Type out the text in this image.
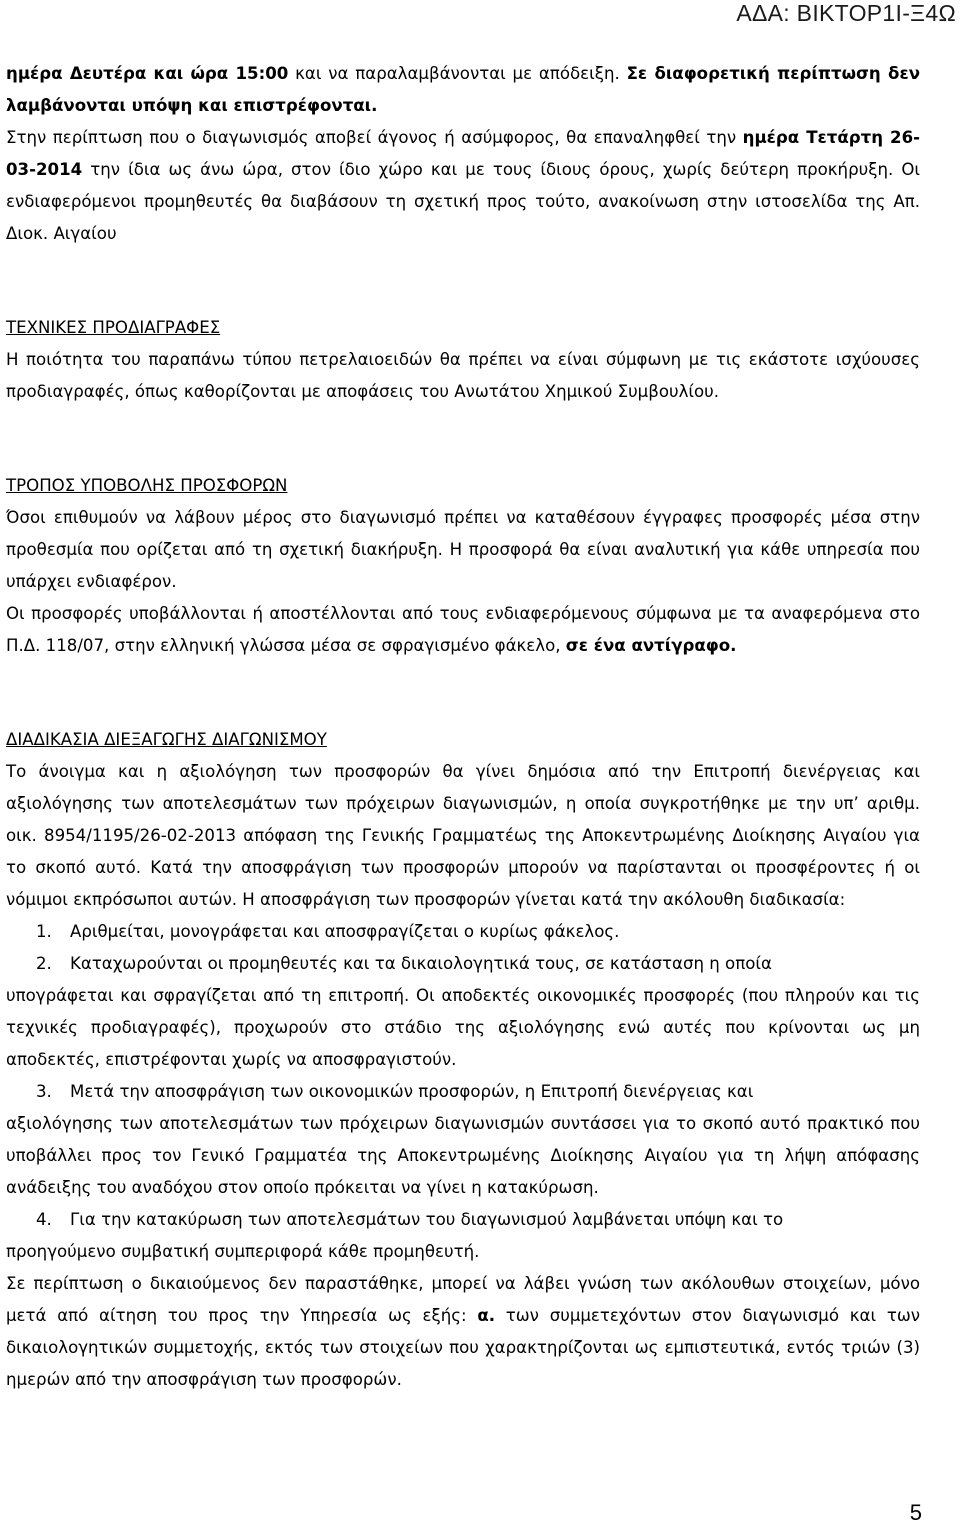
ΑΔΑ: ΒΙΚΤΟΡ1Ι-Ξ4Ω

ημέρα Δευτέρα και ώρα 15:00 και να παραλαμβάνονται με απόδειξη. Σε διαφορετική περίπτωση δεν λαμβάνονται υπόψη και επιστρέφονται.

Στην περίπτωση που ο διαγωνισμός αποβεί άγονος ή ασύμφορος, θα επαναληφθεί την ημέρα Τετάρτη 26-03-2014 την ίδια ως άνω ώρα, στον ίδιο χώρο και με τους ίδιους όρους, χωρίς δεύτερη προκήρυξη. Οι ενδιαφερόμενοι προμηθευτές θα διαβάσουν τη σχετική προς τούτο, ανακοίνωση στην ιστοσελίδα της Απ. Διοκ. Αιγαίου

ΤΕΧΝΙΚΕΣ ΠΡΟΔΙΑΓΡΑΦΕΣ

Η ποιότητα του παραπάνω τύπου πετρελαιοειδών θα πρέπει να είναι σύμφωνη με τις εκάστοτε ισχύουσες προδιαγραφές, όπως καθορίζονται με αποφάσεις του Ανωτάτου Χημικού Συμβουλίου.

ΤΡΟΠΟΣ ΥΠΟΒΟΛΗΣ ΠΡΟΣΦΟΡΩΝ

Όσοι επιθυμούν να λάβουν μέρος στο διαγωνισμό πρέπει να καταθέσουν έγγραφες προσφορές μέσα στην προθεσμία που ορίζεται από τη σχετική διακήρυξη. Η προσφορά θα είναι αναλυτική για κάθε υπηρεσία που υπάρχει ενδιαφέρον.

Οι προσφορές υποβάλλονται ή αποστέλλονται από τους ενδιαφερόμενους σύμφωνα με τα αναφερόμενα στο Π.Δ. 118/07, στην ελληνική γλώσσα μέσα σε σφραγισμένο φάκελο, σε ένα αντίγραφο.

ΔΙΑΔΙΚΑΣΙΑ ΔΙΕΞΑΓΩΓΗΣ ΔΙΑΓΩΝΙΣΜΟΥ

Το άνοιγμα και η αξιολόγηση των προσφορών θα γίνει δημόσια από την Επιτροπή διενέργειας και αξιολόγησης των αποτελεσμάτων των πρόχειρων διαγωνισμών, η οποία συγκροτήθηκε με την υπ’ αριθμ. οικ. 8954/1195/26-02-2013 απόφαση της Γενικής Γραμματέως της Αποκεντρωμένης Διοίκησης Αιγαίου για το σκοπό αυτό. Κατά την αποσφράγιση των προσφορών μπορούν να παρίστανται οι προσφέροντες ή οι νόμιμοι εκπρόσωποι αυτών. Η αποσφράγιση των προσφορών γίνεται κατά την ακόλουθη διαδικασία:

1.	Αριθμείται, μονογράφεται και αποσφραγίζεται ο κυρίως φάκελος.
2.	Καταχωρούνται οι προμηθευτές και τα δικαιολογητικά τους, σε κατάσταση η οποία

υπογράφεται και σφραγίζεται από τη επιτροπή. Οι αποδεκτές οικονομικές προσφορές (που πληρούν και τις τεχνικές προδιαγραφές), προχωρούν στο στάδιο της αξιολόγησης ενώ αυτές που κρίνονται ως μη αποδεκτές, επιστρέφονται χωρίς να αποσφραγιστούν.

3.	Μετά την αποσφράγιση των οικονομικών προσφορών, η Επιτροπή διενέργειας και

αξιολόγησης των αποτελεσμάτων των πρόχειρων διαγωνισμών συντάσσει για το σκοπό αυτό πρακτικό που υποβάλλει προς τον Γενικό Γραμματέα της Αποκεντρωμένης Διοίκησης Αιγαίου για τη λήψη απόφασης ανάδειξης του αναδόχου στον οποίο πρόκειται να γίνει η κατακύρωση.

4.	Για την κατακύρωση των αποτελεσμάτων του διαγωνισμού λαμβάνεται υπόψη και το

προηγούμενο συμβατική συμπεριφορά κάθε προμηθευτή.

Σε περίπτωση ο δικαιούμενος δεν παραστάθηκε, μπορεί να λάβει γνώση των ακόλουθων στοιχείων, μόνο μετά από αίτηση του προς την Υπηρεσία ως εξής: α. των συμμετεχόντων στον διαγωνισμό και των δικαιολογητικών συμμετοχής, εκτός των στοιχείων που χαρακτηρίζονται ως εμπιστευτικά, εντός τριών (3) ημερών από την αποσφράγιση των προσφορών.

5
